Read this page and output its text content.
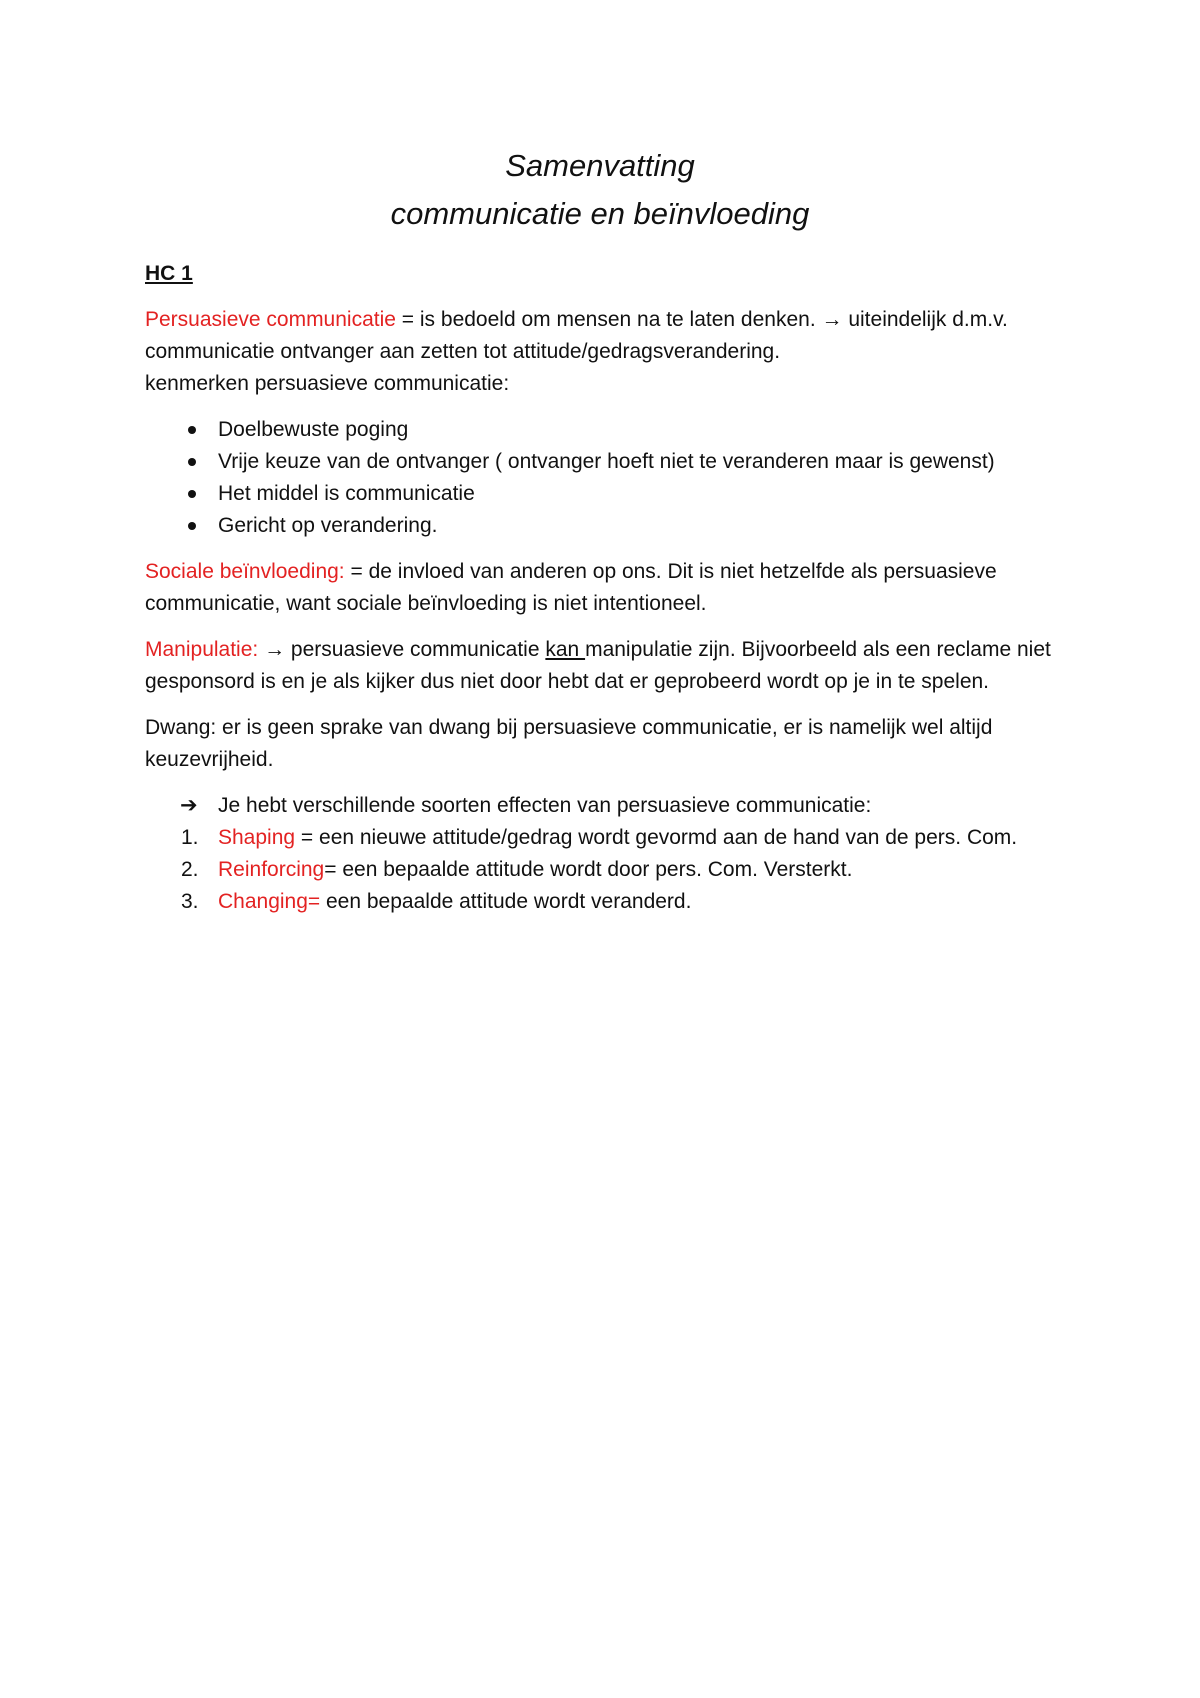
Samenvatting
communicatie en beïnvloeding

HC 1

Persuasieve communicatie = is bedoeld om mensen na te laten denken. → uiteindelijk d.m.v. communicatie ontvanger aan zetten tot attitude/gedragsverandering.

kenmerken persuasieve communicatie:

Doelbewuste poging
Vrije keuze van de ontvanger ( ontvanger hoeft niet te veranderen maar is gewenst)
Het middel is communicatie
Gericht op verandering.

Sociale beïnvloeding: = de invloed van anderen op ons. Dit is niet hetzelfde als persuasieve communicatie, want sociale beïnvloeding is niet intentioneel.

Manipulatie: → persuasieve communicatie kan manipulatie zijn. Bijvoorbeeld als een reclame niet gesponsord is en je als kijker dus niet door hebt dat er geprobeerd wordt op je in te spelen.

Dwang: er is geen sprake van dwang bij persuasieve communicatie, er is namelijk wel altijd keuzevrijheid.

➔ Je hebt verschillende soorten effecten van persuasieve communicatie:
1. Shaping = een nieuwe attitude/gedrag wordt gevormd aan de hand van de pers. Com.
2. Reinforcing= een bepaalde attitude wordt door pers. Com. Versterkt.
3. Changing= een bepaalde attitude wordt veranderd.
